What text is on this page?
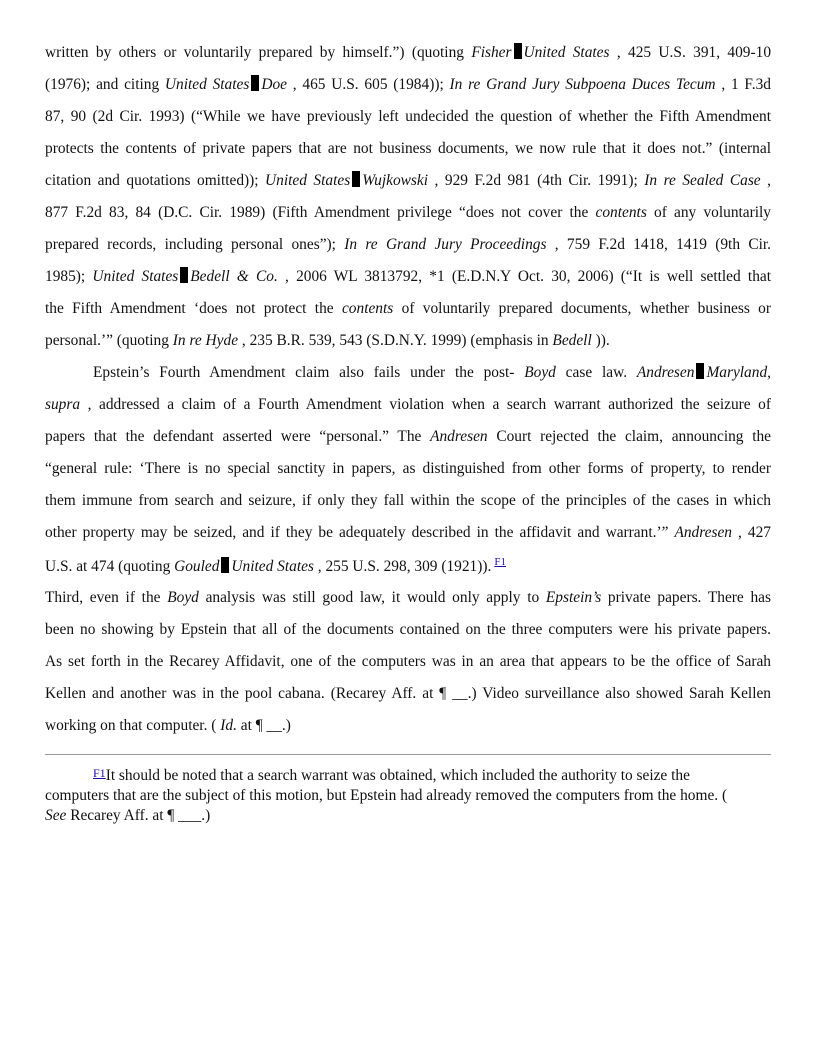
written by others or voluntarily prepared by himself.”) (quoting Fisher United States , 425 U.S. 391, 409-10
(1976); and citing United States Doe , 465 U.S. 605 (1984)); In re Grand Jury Subpoena Duces Tecum , 1 F.3d
87, 90 (2d Cir. 1993) (“While we have previously left undecided the question of whether the Fifth Amendment
protects the contents of private papers that are not business documents, we now rule that it does not.” (internal
citation and quotations omitted)); United States Wujkowski , 929 F.2d 981 (4th Cir. 1991); In re Sealed Case ,
877 F.2d 83, 84 (D.C. Cir. 1989) (Fifth Amendment privilege “does not cover the contents of any voluntarily
prepared records, including personal ones”); In re Grand Jury Proceedings , 759 F.2d 1418, 1419 (9th Cir.
1985); United States Bedell & Co. , 2006 WL 3813792, *1 (E.D.N.Y Oct. 30, 2006) (“It is well settled that
the Fifth Amendment ‘does not protect the contents of voluntarily prepared documents, whether business or
personal.’” (quoting In re Hyde , 235 B.R. 539, 543 (S.D.N.Y. 1999) (emphasis in Bedell )).
Epstein’s Fourth Amendment claim also fails under the post- Boyd case law. Andresen Maryland,
supra , addressed a claim of a Fourth Amendment violation when a search warrant authorized the seizure of
papers that the defendant asserted were “personal.” The Andresen Court rejected the claim, announcing the
“general rule: ‘There is no special sanctity in papers, as distinguished from other forms of property, to render
them immune from search and seizure, if only they fall within the scope of the principles of the cases in which
other property may be seized, and if they be adequately described in the affidavit and warrant.’” Andresen , 427
U.S. at 474 (quoting Gouled United States , 255 U.S. 298, 309 (1921)). $^{F1}$
Third, even if the Boyd analysis was still good law, it would only apply to Epstein’s private papers. There has
been no showing by Epstein that all of the documents contained on the three computers were his private papers.
As set forth in the Recarey Affidavit, one of the computers was in an area that appears to be the office of Sarah
Kellen and another was in the pool cabana. (Recarey Aff. at ¶ __.) Video surveillance also showed Sarah Kellen
working on that computer. ( Id. at ¶ __.)
$^{F1}$It should be noted that a search warrant was obtained, which included the authority to seize the
computers that are the subject of this motion, but Epstein had already removed the computers from the home. (
See Recarey Aff. at ¶ ___.)
